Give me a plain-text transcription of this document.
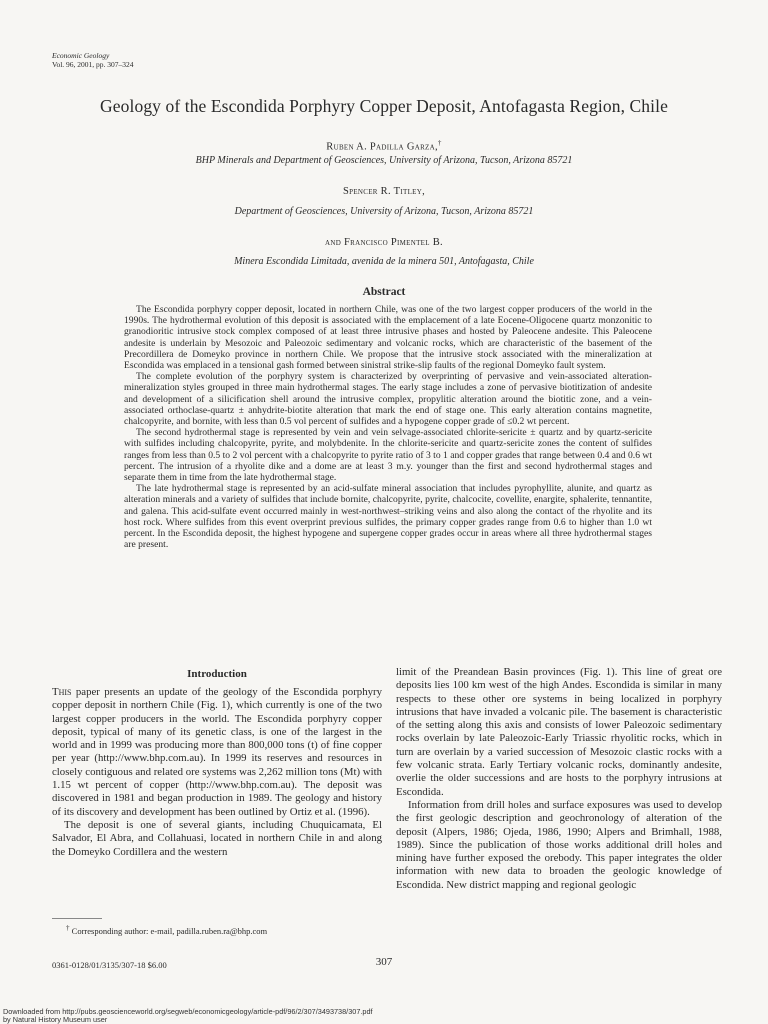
Economic Geology
Vol. 96, 2001, pp. 307–324
Geology of the Escondida Porphyry Copper Deposit, Antofagasta Region, Chile
Ruben A. Padilla Garza,†
BHP Minerals and Department of Geosciences, University of Arizona, Tucson, Arizona 85721
Spencer R. Titley,
Department of Geosciences, University of Arizona, Tucson, Arizona 85721
and Francisco Pimentel B.
Minera Escondida Limitada, avenida de la minera 501, Antofagasta, Chile
Abstract

The Escondida porphyry copper deposit, located in northern Chile, was one of the two largest copper producers of the world in the 1990s. The hydrothermal evolution of this deposit is associated with the emplacement of a late Eocene-Oligocene quartz monzonitic to granodioritic intrusive stock complex composed of at least three intrusive phases and hosted by Paleocene andesite. This Paleocene andesite is underlain by Mesozoic and Paleozoic sedimentary and volcanic rocks, which are characteristic of the basement of the Precordillera de Domeyko province in northern Chile. We propose that the intrusive stock associated with the mineralization at Escondida was emplaced in a tensional gash formed between sinistral strike-slip faults of the regional Domeyko fault system.

The complete evolution of the porphyry system is characterized by overprinting of pervasive and vein-associated alteration-mineralization styles grouped in three main hydrothermal stages. The early stage includes a zone of pervasive biotitization of andesite and development of a silicification shell around the intrusive complex, propylitic alteration around the biotitic zone, and a vein-associated orthoclase-quartz ± anhydrite-biotite alteration that mark the end of stage one. This early alteration contains magnetite, chalcopyrite, and bornite, with less than 0.5 vol percent of sulfides and a hypogene copper grade of ≤0.2 wt percent.

The second hydrothermal stage is represented by vein and vein selvage-associated chlorite-sericite ± quartz and by quartz-sericite with sulfides including chalcopyrite, pyrite, and molybdenite. In the chlorite-sericite and quartz-sericite zones the content of sulfides ranges from less than 0.5 to 2 vol percent with a chalcopyrite to pyrite ratio of 3 to 1 and copper grades that range between 0.4 and 0.6 wt percent. The intrusion of a rhyolite dike and a dome are at least 3 m.y. younger than the first and second hydrothermal stages and separate them in time from the late hydrothermal stage.

The late hydrothermal stage is represented by an acid-sulfate mineral association that includes pyrophyllite, alunite, and quartz as alteration minerals and a variety of sulfides that include bornite, chalcopyrite, pyrite, chalcocite, covellite, enargite, sphalerite, tennantite, and galena. This acid-sulfate event occurred mainly in west-northwest–striking veins and also along the contact of the rhyolite and its host rock. Where sulfides from this event overprint previous sulfides, the primary copper grades range from 0.6 to higher than 1.0 wt percent. In the Escondida deposit, the highest hypogene and supergene copper grades occur in areas where all three hydrothermal stages are present.

Introduction

This paper presents an update of the geology of the Escondida porphyry copper deposit in northern Chile (Fig. 1), which currently is one of the two largest copper producers in the world. The Escondida porphyry copper deposit, typical of many of its genetic class, is one of the largest in the world and in 1999 was producing more than 800,000 tons (t) of fine copper per year (http://www.bhp.com.au). In 1999 its reserves and resources in closely contiguous and related ore systems was 2,262 million tons (Mt) with 1.15 wt percent of copper (http://www.bhp.com.au). The deposit was discovered in 1981 and began production in 1989. The geology and history of its discovery and development has been outlined by Ortiz et al. (1996).

The deposit is one of several giants, including Chuquicamata, El Salvador, El Abra, and Collahuasi, located in northern Chile in and along the Domeyko Cordillera and the western

limit of the Preandean Basin provinces (Fig. 1). This line of great ore deposits lies 100 km west of the high Andes. Escondida is similar in many respects to these other ore systems in being localized in porphyry intrusions that have invaded a volcanic pile. The basement is characteristic of the setting along this axis and consists of lower Paleozoic sedimentary rocks overlain by late Paleozoic-Early Triassic rhyolitic rocks, which in turn are overlain by a varied succession of Mesozoic clastic rocks with a few volcanic strata. Early Tertiary volcanic rocks, dominantly andesite, overlie the older successions and are hosts to the porphyry intrusions at Escondida.

Information from drill holes and surface exposures was used to develop the first geologic description and geochronology of alteration of the deposit (Alpers, 1986; Ojeda, 1986, 1990; Alpers and Brimhall, 1988, 1989). Since the publication of those works additional drill holes and mining have further exposed the orebody. This paper integrates the older information with new data to broaden the geologic knowledge of Escondida. New district mapping and regional geologic

† Corresponding author: e-mail, padilla.ruben.ra@bhp.com
0361-0128/01/3135/307-18 $6.00	307
Downloaded from http://pubs.geoscienceworld.org/segweb/economicgeology/article-pdf/96/2/307/3493738/307.pdf
by Natural History Museum user
